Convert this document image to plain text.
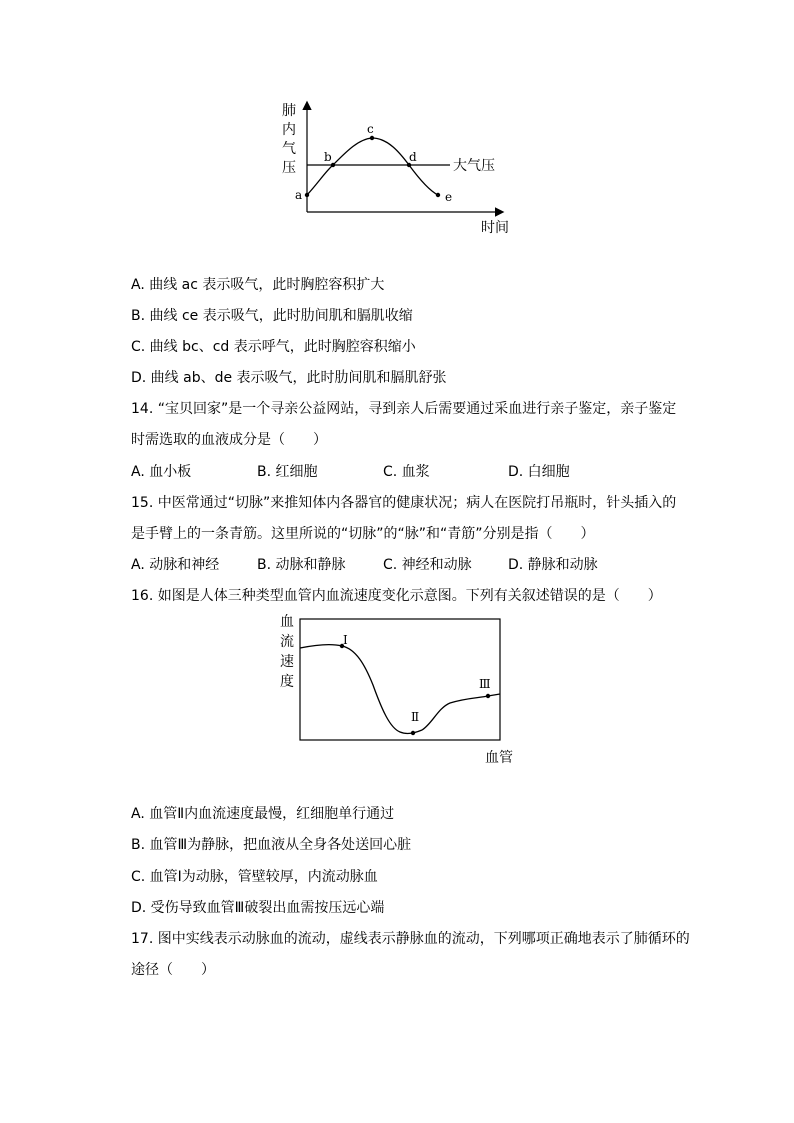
肺
内
气
压	大气压
时间
a
b
c
d
e
A. 曲线 ac 表示吸气，此时胸腔容积扩大
B. 曲线 ce 表示吸气，此时肋间肌和膈肌收缩
C. 曲线 bc、cd 表示呼气，此时胸腔容积缩小
D. 曲线 ab、de 表示吸气，此时肋间肌和膈肌舒张
14. “宝贝回家”是一个寻亲公益网站，寻到亲人后需要通过采血进行亲子鉴定，亲子鉴定
时需选取的血液成分是（　　）
A. 血小板	B. 红细胞	C. 血浆	D. 白细胞
15. 中医常通过“切脉”来推知体内各器官的健康状况；病人在医院打吊瓶时，针头插入的
是手臂上的一条青筋。这里所说的“切脉”的“脉”和“青筋”分别是指（　　）
A. 动脉和神经	B. 动脉和静脉	C. 神经和动脉	D. 静脉和动脉
16. 如图是人体三种类型血管内血流速度变化示意图。下列有关叙述错误的是（　　）
Ⅰ
Ⅱ
Ⅲ
血
流
速
度
血管
A. 血管Ⅱ内血流速度最慢，红细胞单行通过
B. 血管Ⅲ为静脉，把血液从全身各处送回心脏
C. 血管Ⅰ为动脉，管壁较厚，内流动脉血
D. 受伤导致血管Ⅲ破裂出血需按压远心端
17. 图中实线表示动脉血的流动，虚线表示静脉血的流动，下列哪项正确地表示了肺循环的
途径（　　）
